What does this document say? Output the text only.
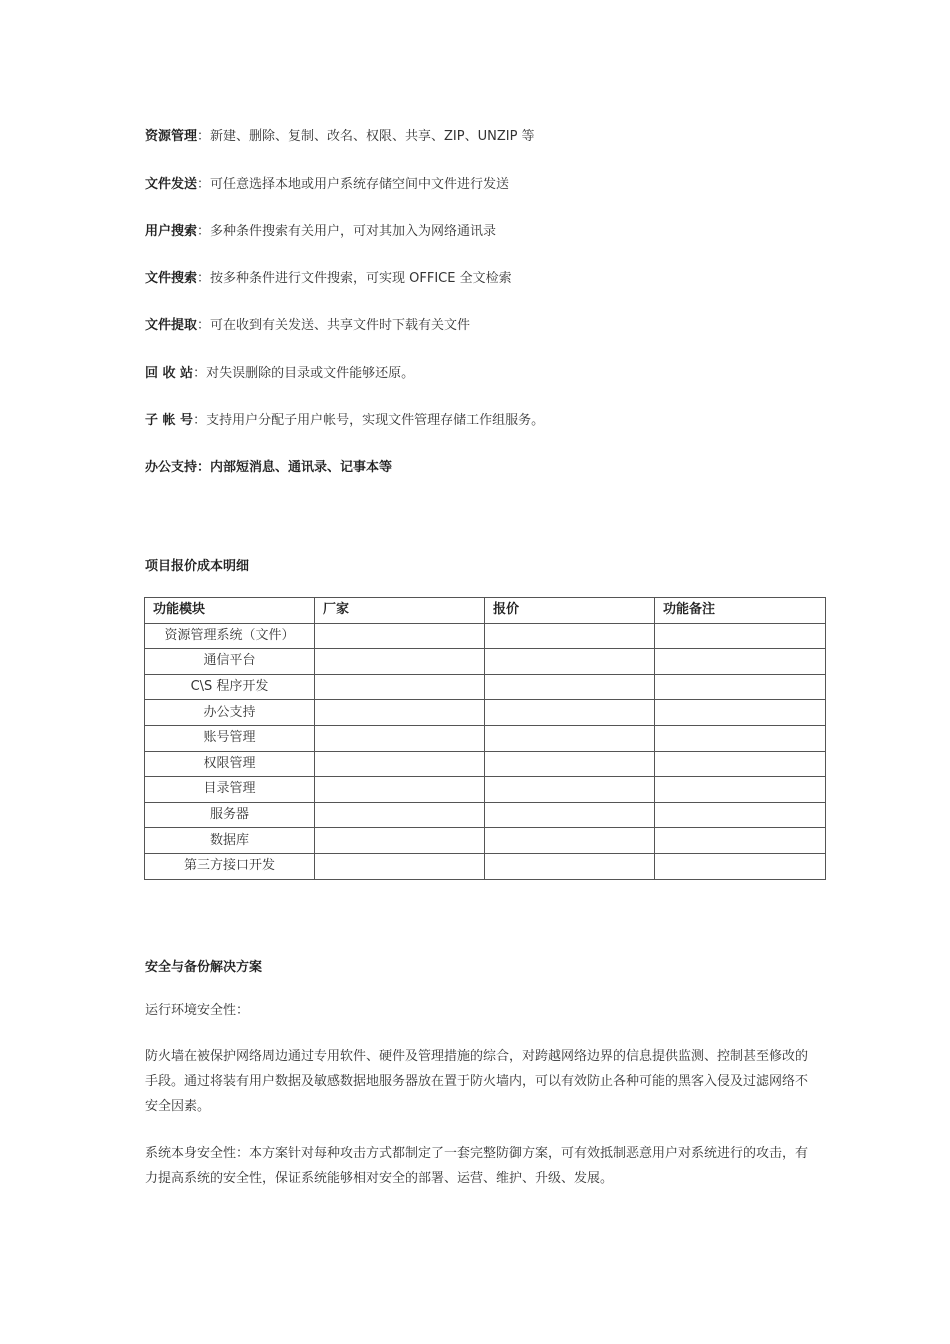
资源管理：新建、删除、复制、改名、权限、共享、ZIP、UNZIP 等
文件发送：可任意选择本地或用户系统存储空间中文件进行发送
用户搜索：多种条件搜索有关用户，可对其加入为网络通讯录
文件搜索：按多种条件进行文件搜索，可实现 OFFICE 全文检索
文件提取：可在收到有关发送、共享文件时下载有关文件
回 收 站：对失误删除的目录或文件能够还原。
子 帐 号：支持用户分配子用户帐号，实现文件管理存储工作组服务。
办公支持：内部短消息、通讯录、记事本等
项目报价成本明细
功能模块	厂家	报价	功能备注
资源管理系统（文件）			
通信平台			
C\S 程序开发			
办公支持			
账号管理			
权限管理			
目录管理			
服务器			
数据库			
第三方接口开发			
安全与备份解决方案
运行环境安全性：
防火墙在被保护网络周边通过专用软件、硬件及管理措施的综合，对跨越网络边界的信息提供监测、控制甚至修改的手段。通过将装有用户数据及敏感数据地服务器放在置于防火墙内，可以有效防止各种可能的黑客入侵及过滤网络不安全因素。
系统本身安全性：本方案针对每种攻击方式都制定了一套完整防御方案，可有效抵制恶意用户对系统进行的攻击，有力提高系统的安全性，保证系统能够相对安全的部署、运营、维护、升级、发展。
